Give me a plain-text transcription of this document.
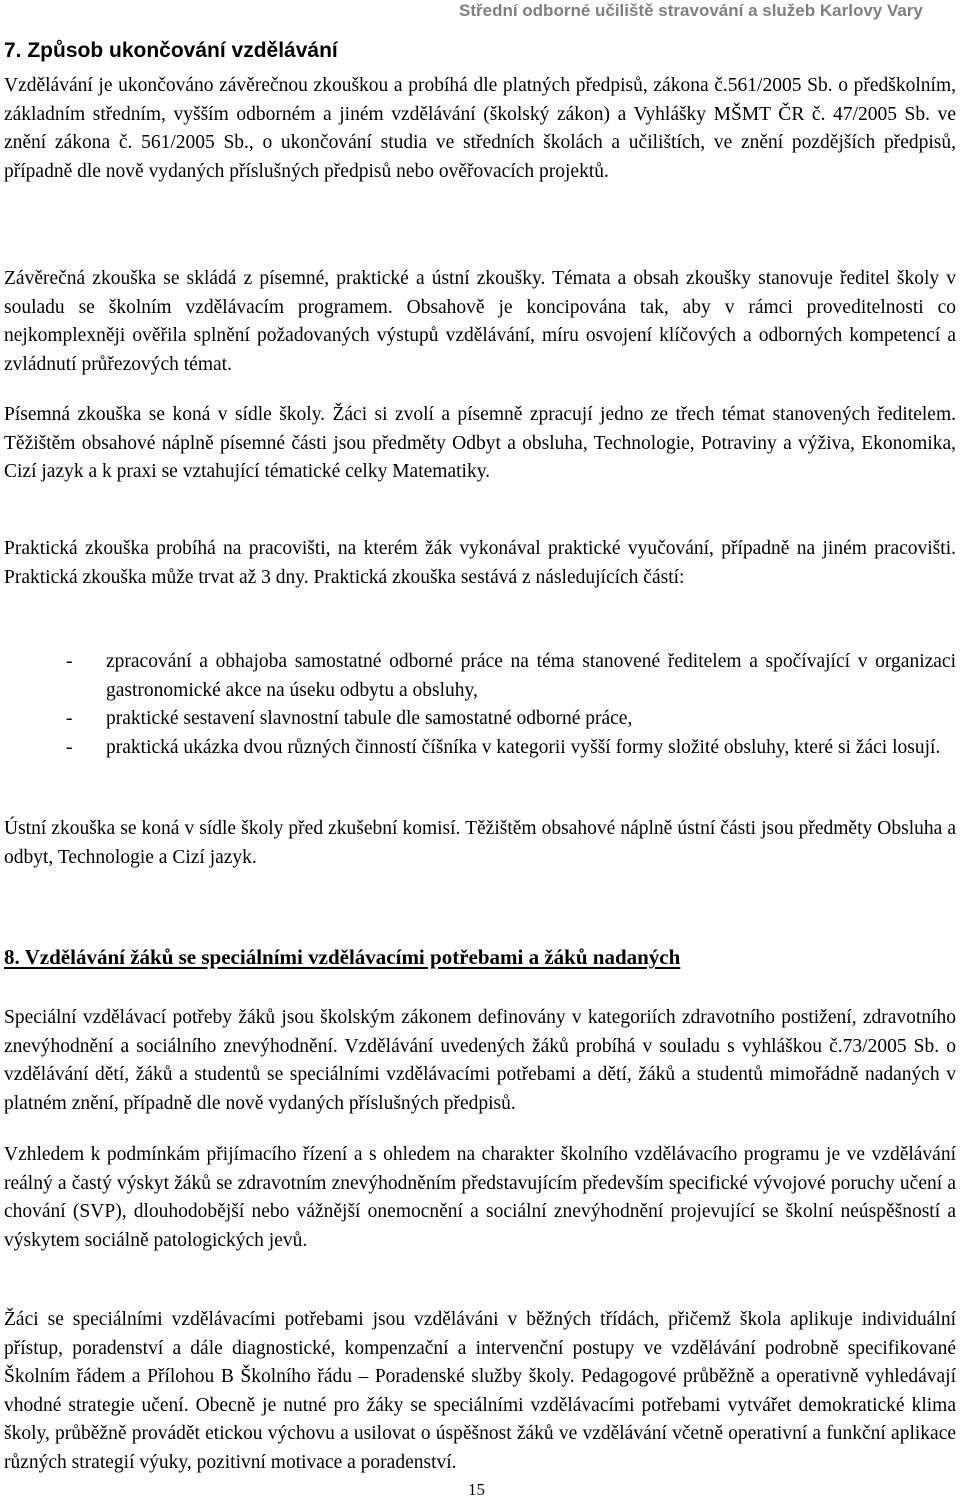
Střední odborné učiliště stravování a služeb Karlovy Vary
7. Způsob ukončování vzdělávání

Vzdělávání je ukončováno závěrečnou zkouškou a probíhá dle platných předpisů, zákona č.561/2005 Sb. o předškolním, základním středním, vyšším odborném a jiném vzdělávání (školský zákon) a Vyhlášky MŠMT ČR č. 47/2005 Sb. ve znění zákona č. 561/2005 Sb., o ukončování studia ve středních školách a učilištích, ve znění pozdějších předpisů, případně dle nově vydaných příslušných předpisů nebo ověřovacích projektů.

Závěrečná zkouška se skládá z písemné, praktické a ústní zkoušky. Témata a obsah zkoušky stanovuje ředitel školy v souladu se školním vzdělávacím programem. Obsahově je koncipována tak, aby v rámci proveditelnosti co nejkomplexněji ověřila splnění požadovaných výstupů vzdělávání, míru osvojení klíčových a odborných kompetencí a zvládnutí průřezových témat.

Písemná zkouška se koná v sídle školy. Žáci si zvolí a písemně zpracují jedno ze třech témat stanovených ředitelem. Těžištěm obsahové náplně písemné části jsou předměty Odbyt a obsluha, Technologie, Potraviny a výživa, Ekonomika, Cizí jazyk a k praxi se vztahující tématické celky Matematiky.

Praktická zkouška probíhá na pracovišti, na kterém žák vykonával praktické vyučování, případně na jiném pracovišti. Praktická zkouška může trvat až 3 dny. Praktická zkouška sestává z následujících částí:

- zpracování a obhajoba samostatné odborné práce na téma stanovené ředitelem a spočívající v organizaci gastronomické akce na úseku odbytu a obsluhy,
- praktické sestavení slavnostní tabule dle samostatné odborné práce,
- praktická ukázka dvou různých činností číšníka v kategorii vyšší formy složité obsluhy, které si žáci losují.

Ústní zkouška se koná v sídle školy před zkušební komisí. Těžištěm obsahové náplně ústní části jsou předměty Obsluha a odbyt, Technologie a Cizí jazyk.

8. Vzdělávání žáků se speciálními vzdělávacími potřebami a žáků nadaných

Speciální vzdělávací potřeby žáků jsou školským zákonem definovány v kategoriích zdravotního postižení, zdravotního znevýhodnění a sociálního znevýhodnění. Vzdělávání uvedených žáků probíhá v souladu s vyhláškou č.73/2005 Sb. o vzdělávání dětí, žáků a studentů se speciálními vzdělávacími potřebami a dětí, žáků a studentů mimořádně nadaných v platném znění, případně dle nově vydaných příslušných předpisů.

Vzhledem k podmínkám přijímacího řízení a s ohledem na charakter školního vzdělávacího programu je ve vzdělávání reálný a častý výskyt žáků se zdravotním znevýhodněním představujícím především specifické vývojové poruchy učení a chování (SVP), dlouhodobější nebo vážnější onemocnění a sociální znevýhodnění projevující se školní neúspěšností a výskytem sociálně patologických jevů.

Žáci se speciálními vzdělávacími potřebami jsou vzděláváni v běžných třídách, přičemž škola aplikuje individuální přístup, poradenství a dále diagnostické, kompenzační a intervenční postupy ve vzdělávání podrobně specifikované Školním řádem a Přílohou B Školního řádu – Poradenské služby školy. Pedagogové průběžně a operativně vyhledávají vhodné strategie učení. Obecně je nutné pro žáky se speciálními vzdělávacími potřebami vytvářet demokratické klima školy, průběžně provádět etickou výchovu a usilovat o úspěšnost žáků ve vzdělávání včetně operativní a funkční aplikace různých strategií výuky, pozitivní motivace a poradenství.

15
